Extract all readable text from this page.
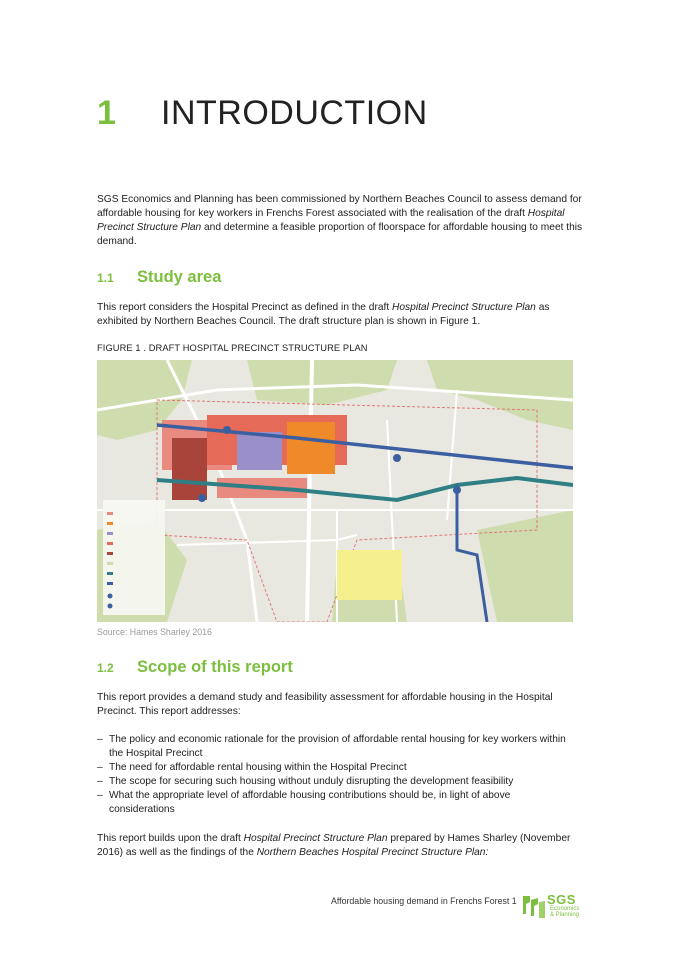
1	INTRODUCTION

SGS Economics and Planning has been commissioned by Northern Beaches Council to assess demand for affordable housing for key workers in Frenchs Forest associated with the realisation of the draft Hospital Precinct Structure Plan and determine a feasible proportion of floorspace for affordable housing to meet this demand.

1.1	Study area

This report considers the Hospital Precinct as defined in the draft Hospital Precinct Structure Plan as exhibited by Northern Beaches Council. The draft structure plan is shown in Figure 1.

FIGURE 1 . DRAFT HOSPITAL PRECINCT STRUCTURE PLAN
Source: Hames Sharley 2016
1.2	Scope of this report

This report provides a demand study and feasibility assessment for affordable housing in the Hospital Precinct. This report addresses:

– The policy and economic rationale for the provision of affordable rental housing for key workers within the Hospital Precinct
– The need for affordable rental housing within the Hospital Precinct
– The scope for securing such housing without unduly disrupting the development feasibility
– What the appropriate level of affordable housing contributions should be, in light of above considerations

This report builds upon the draft Hospital Precinct Structure Plan prepared by Hames Sharley (November 2016) as well as the findings of the Northern Beaches Hospital Precinct Structure Plan:

Affordable housing demand in Frenchs Forest 1 SGS
Economics
& Planning
